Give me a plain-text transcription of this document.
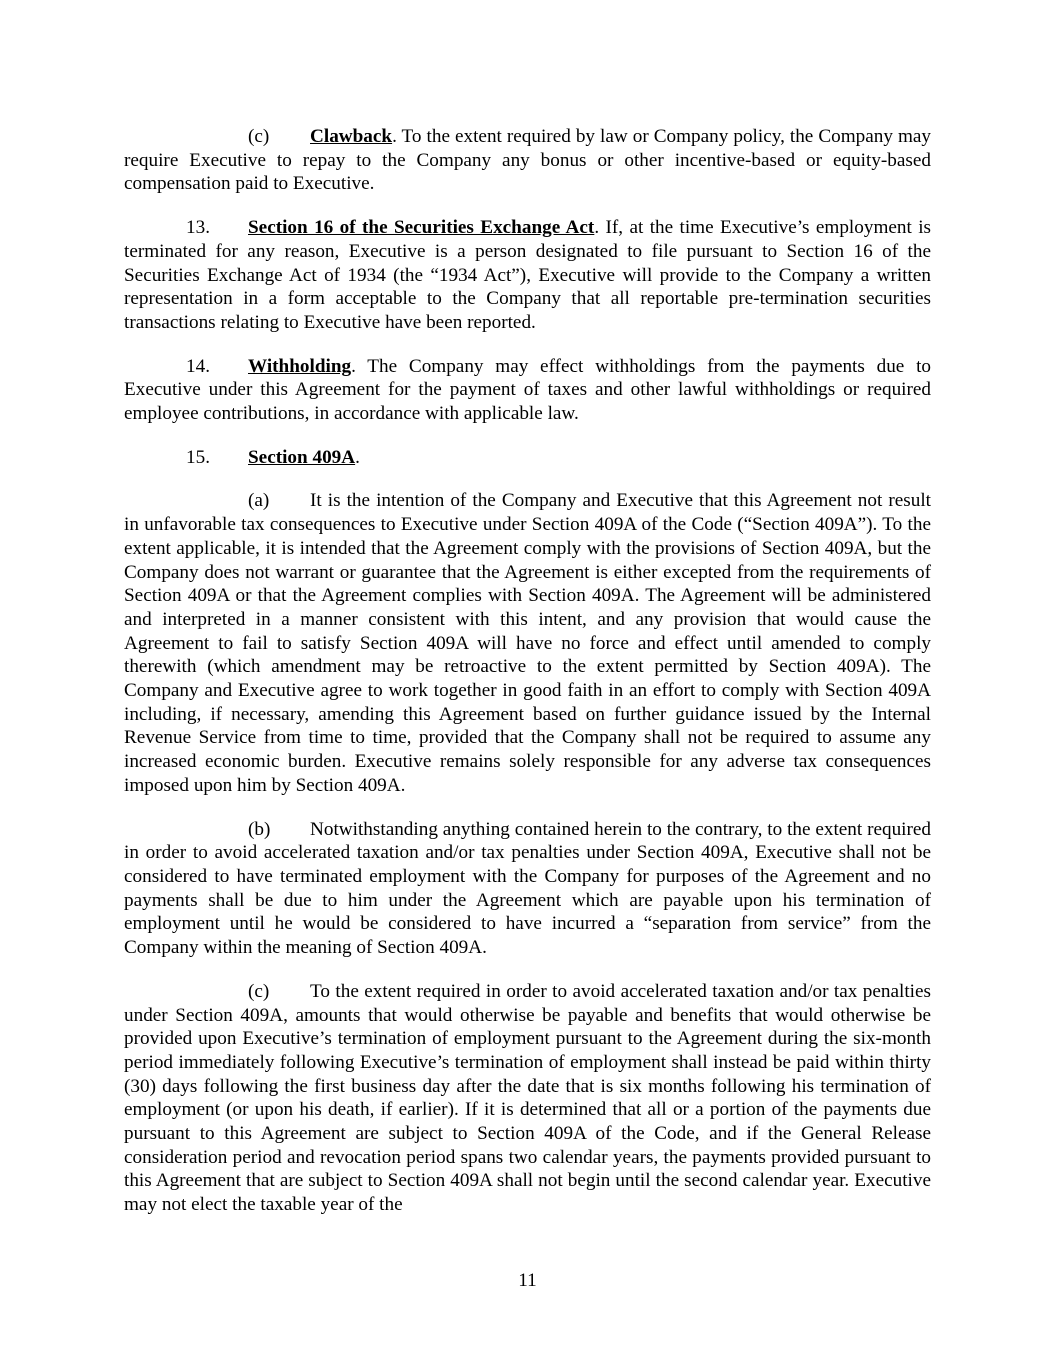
(c) Clawback. To the extent required by law or Company policy, the Company may require Executive to repay to the Company any bonus or other incentive-based or equity-based compensation paid to Executive.

13. Section 16 of the Securities Exchange Act. If, at the time Executive’s employment is terminated for any reason, Executive is a person designated to file pursuant to Section 16 of the Securities Exchange Act of 1934 (the “1934 Act”), Executive will provide to the Company a written representation in a form acceptable to the Company that all reportable pre-termination securities transactions relating to Executive have been reported.

14. Withholding. The Company may effect withholdings from the payments due to Executive under this Agreement for the payment of taxes and other lawful withholdings or required employee contributions, in accordance with applicable law.

15. Section 409A.

(a) It is the intention of the Company and Executive that this Agreement not result in unfavorable tax consequences to Executive under Section 409A of the Code (“Section 409A”). To the extent applicable, it is intended that the Agreement comply with the provisions of Section 409A, but the Company does not warrant or guarantee that the Agreement is either excepted from the requirements of Section 409A or that the Agreement complies with Section 409A. The Agreement will be administered and interpreted in a manner consistent with this intent, and any provision that would cause the Agreement to fail to satisfy Section 409A will have no force and effect until amended to comply therewith (which amendment may be retroactive to the extent permitted by Section 409A). The Company and Executive agree to work together in good faith in an effort to comply with Section 409A including, if necessary, amending this Agreement based on further guidance issued by the Internal Revenue Service from time to time, provided that the Company shall not be required to assume any increased economic burden. Executive remains solely responsible for any adverse tax consequences imposed upon him by Section 409A.

(b) Notwithstanding anything contained herein to the contrary, to the extent required in order to avoid accelerated taxation and/or tax penalties under Section 409A, Executive shall not be considered to have terminated employment with the Company for purposes of the Agreement and no payments shall be due to him under the Agreement which are payable upon his termination of employment until he would be considered to have incurred a “separation from service” from the Company within the meaning of Section 409A.

(c) To the extent required in order to avoid accelerated taxation and/or tax penalties under Section 409A, amounts that would otherwise be payable and benefits that would otherwise be provided upon Executive’s termination of employment pursuant to the Agreement during the six-month period immediately following Executive’s termination of employment shall instead be paid within thirty (30) days following the first business day after the date that is six months following his termination of employment (or upon his death, if earlier). If it is determined that all or a portion of the payments due pursuant to this Agreement are subject to Section 409A of the Code, and if the General Release consideration period and revocation period spans two calendar years, the payments provided pursuant to this Agreement that are subject to Section 409A shall not begin until the second calendar year. Executive may not elect the taxable year of the

11
